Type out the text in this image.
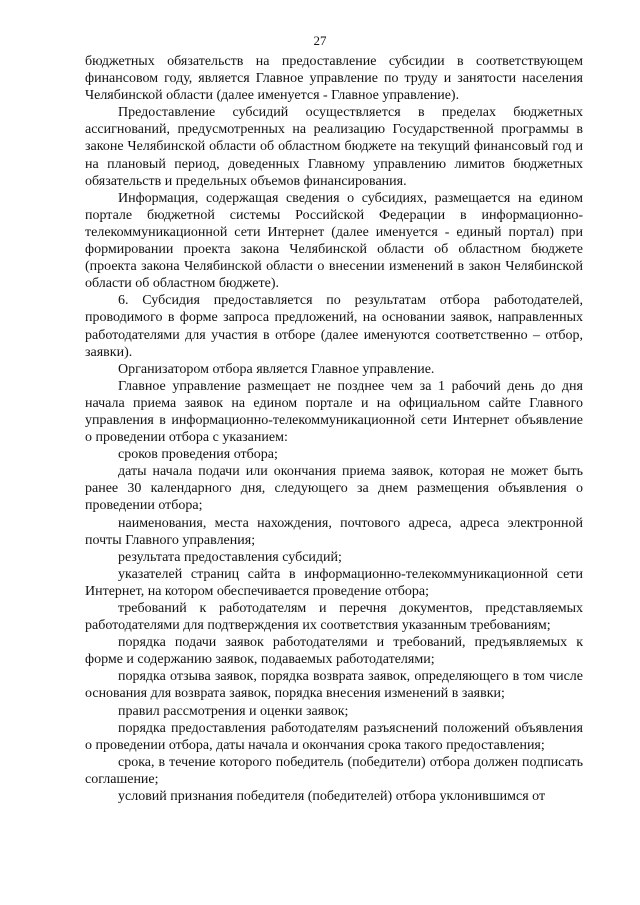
27

бюджетных обязательств на предоставление субсидии в соответствующем финансовом году, является Главное управление по труду и занятости населения Челябинской области (далее именуется - Главное управление).

Предоставление субсидий осуществляется в пределах бюджетных ассигнований, предусмотренных на реализацию Государственной программы в законе Челябинской области об областном бюджете на текущий финансовый год и на плановый период, доведенных Главному управлению лимитов бюджетных обязательств и предельных объемов финансирования.

Информация, содержащая сведения о субсидиях, размещается на едином портале бюджетной системы Российской Федерации в информационно-телекоммуникационной сети Интернет (далее именуется - единый портал) при формировании проекта закона Челябинской области об областном бюджете (проекта закона Челябинской области о внесении изменений в закон Челябинской области об областном бюджете).

6. Субсидия предоставляется по результатам отбора работодателей, проводимого в форме запроса предложений, на основании заявок, направленных работодателями для участия в отборе (далее именуются соответственно – отбор, заявки).

Организатором отбора является Главное управление.

Главное управление размещает не позднее чем за 1 рабочий день до дня начала приема заявок на едином портале и на официальном сайте Главного управления в информационно-телекоммуникационной сети Интернет объявление о проведении отбора с указанием:

сроков проведения отбора;

даты начала подачи или окончания приема заявок, которая не может быть ранее 30 календарного дня, следующего за днем размещения объявления о проведении отбора;

наименования, места нахождения, почтового адреса, адреса электронной почты Главного управления;

результата предоставления субсидий;

указателей страниц сайта в информационно-телекоммуникационной сети Интернет, на котором обеспечивается проведение отбора;

требований к работодателям и перечня документов, представляемых работодателями для подтверждения их соответствия указанным требованиям;

порядка подачи заявок работодателями и требований, предъявляемых к форме и содержанию заявок, подаваемых работодателями;

порядка отзыва заявок, порядка возврата заявок, определяющего в том числе основания для возврата заявок, порядка внесения изменений в заявки;

правил рассмотрения и оценки заявок;

порядка предоставления работодателям разъяснений положений объявления о проведении отбора, даты начала и окончания срока такого предоставления;

срока, в течение которого победитель (победители) отбора должен подписать соглашение;

условий признания победителя (победителей) отбора уклонившимся от
